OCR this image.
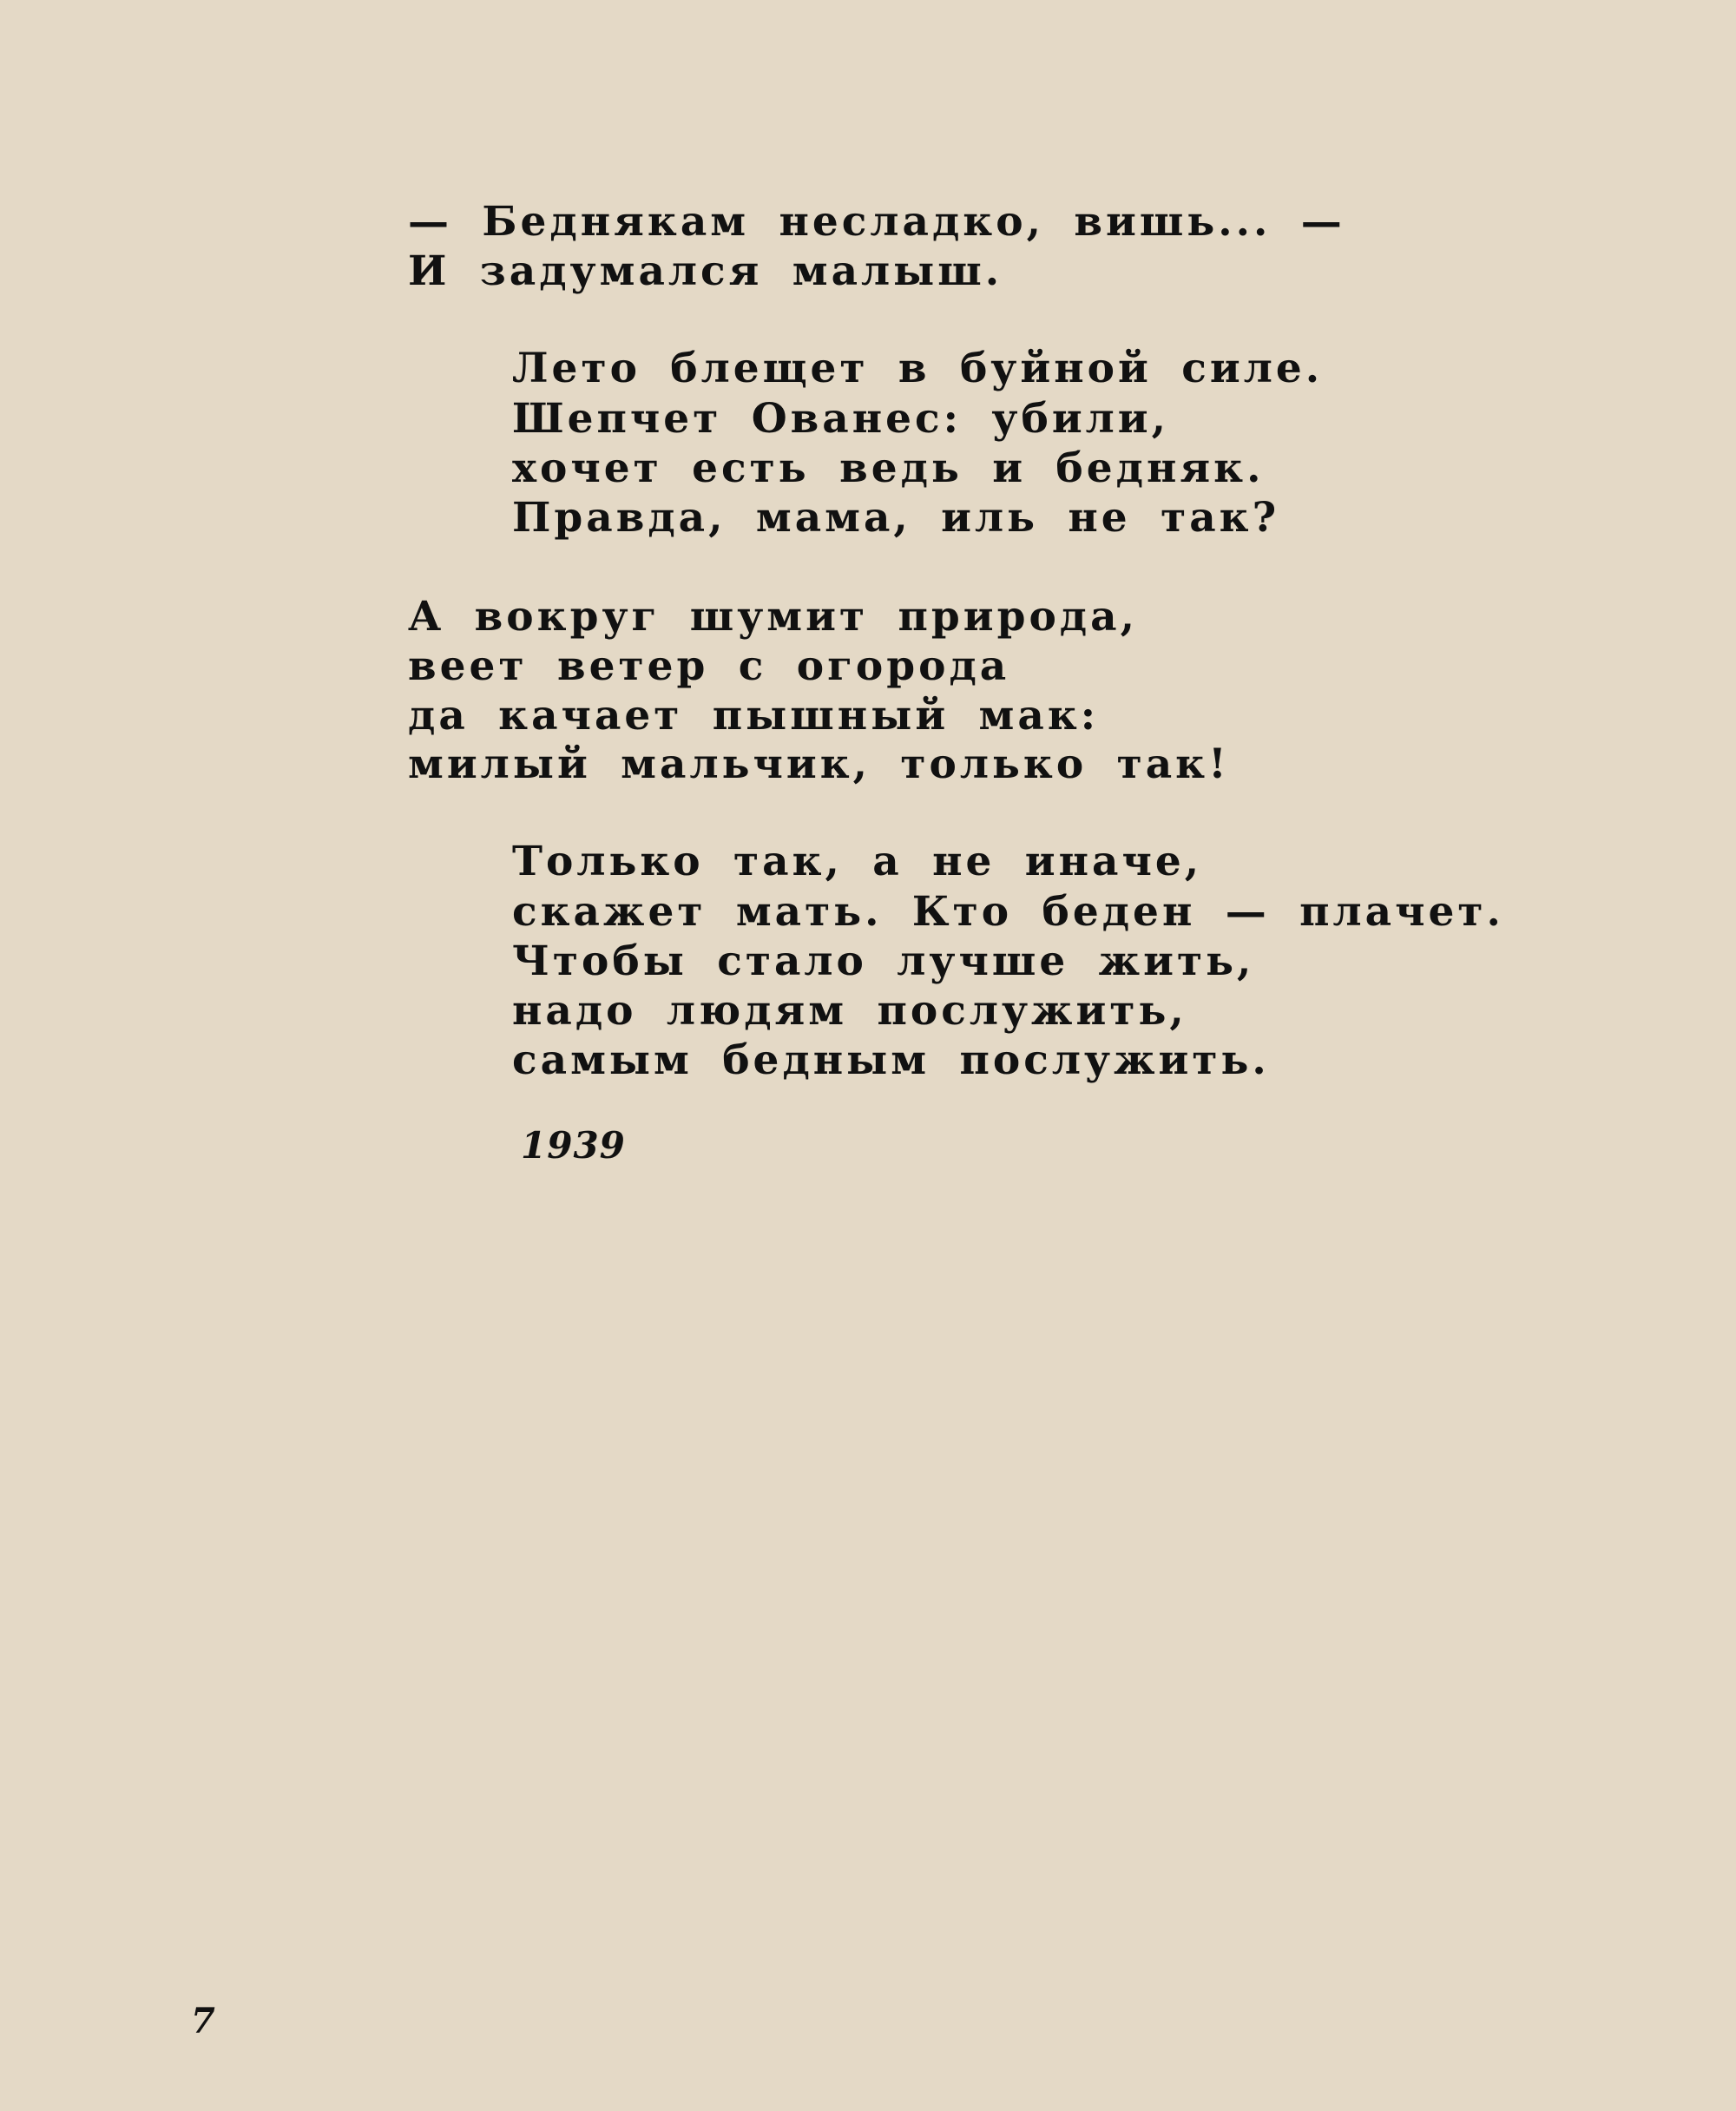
— Беднякам несладко, вишь... —
И задумался малыш.
Лето блещет в буйной силе.
Шепчет Ованес: убили,
хочет есть ведь и бедняк.
Правда, мама, иль не так?
А вокруг шумит природа,
веет ветер с огорода
да качает пышный мак:
милый мальчик, только так!
Только так, а не иначе,
скажет мать. Кто беден — плачет.
Чтобы стало лучше жить,
надо людям послужить,
самым бедным послужить.
1939
7
